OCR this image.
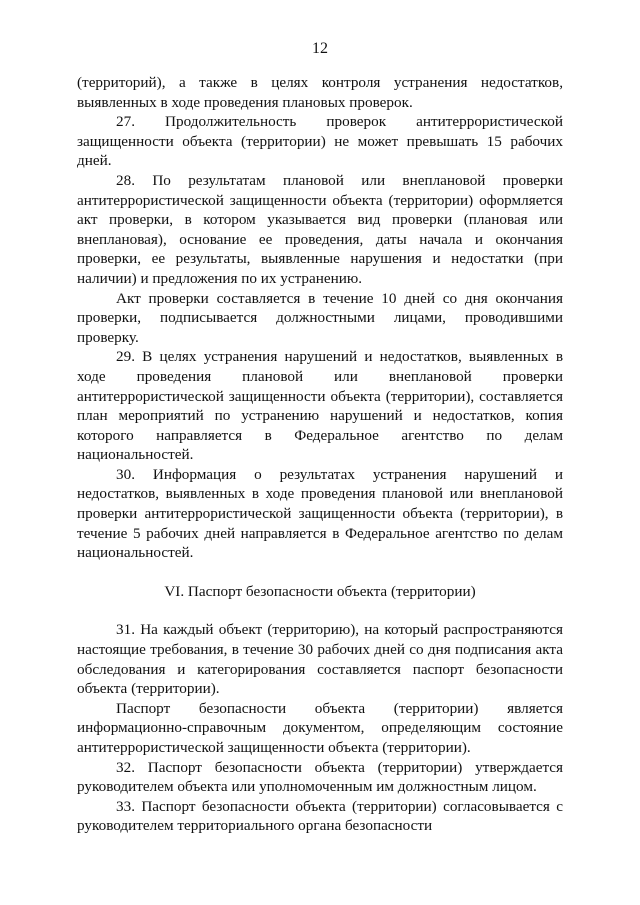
12

(территорий), а также в целях контроля устранения недостатков, выявленных в ходе проведения плановых проверок.

27. Продолжительность проверок антитеррористической защищенности объекта (территории) не может превышать 15 рабочих дней.

28. По результатам плановой или внеплановой проверки антитеррористической защищенности объекта (территории) оформляется акт проверки, в котором указывается вид проверки (плановая или внеплановая), основание ее проведения, даты начала и окончания проверки, ее результаты, выявленные нарушения и недостатки (при наличии) и предложения по их устранению.

Акт проверки составляется в течение 10 дней со дня окончания проверки, подписывается должностными лицами, проводившими проверку.

29. В целях устранения нарушений и недостатков, выявленных в ходе проведения плановой или внеплановой проверки антитеррористической защищенности объекта (территории), составляется план мероприятий по устранению нарушений и недостатков, копия которого направляется в Федеральное агентство по делам национальностей.

30. Информация о результатах устранения нарушений и недостатков, выявленных в ходе проведения плановой или внеплановой проверки антитеррористической защищенности объекта (территории), в течение 5 рабочих дней направляется в Федеральное агентство по делам национальностей.

VI. Паспорт безопасности объекта (территории)

31. На каждый объект (территорию), на который распространяются настоящие требования, в течение 30 рабочих дней со дня подписания акта обследования и категорирования составляется паспорт безопасности объекта (территории).

Паспорт безопасности объекта (территории) является информационно-справочным документом, определяющим состояние антитеррористической защищенности объекта (территории).

32. Паспорт безопасности объекта (территории) утверждается руководителем объекта или уполномоченным им должностным лицом.

33. Паспорт безопасности объекта (территории) согласовывается с руководителем территориального органа безопасности
